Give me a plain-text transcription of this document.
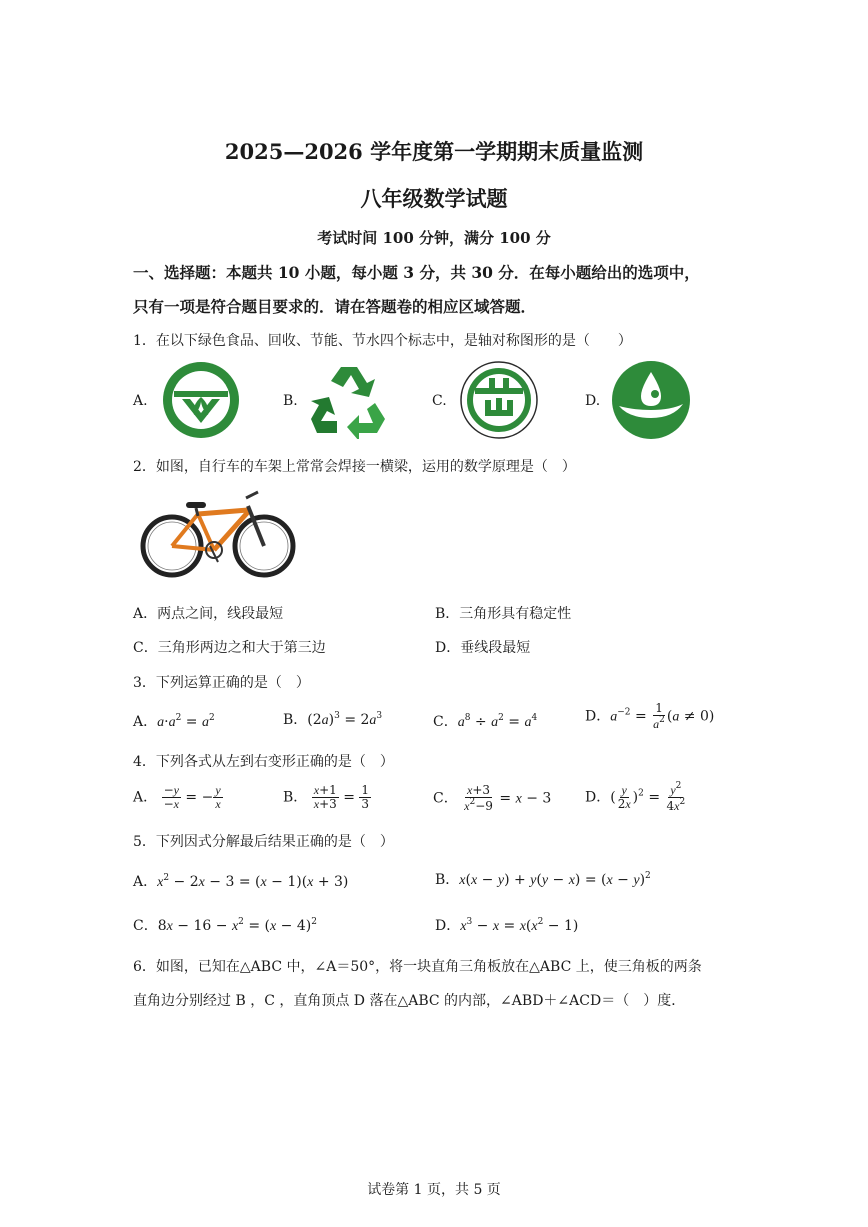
2025—2026 学年度第一学期期末质量监测
八年级数学试题
考试时间 100 分钟，满分 100 分
一、选择题：本题共 10 小题，每小题 3 分，共 30 分．在每小题给出的选项中，
只有一项是符合题目要求的．请在答题卷的相应区域答题．
1．在以下绿色食品、回收、节能、节水四个标志中，是轴对称图形的是（　　）
A.	B.	C.	D.
2．如图，自行车的车架上常常会焊接一横梁，运用的数学原理是（　）
A．两点之间，线段最短	B．三角形具有稳定性
C．三角形两边之和大于第三边	D．垂线段最短
3．下列运算正确的是（　）
A．$a\cdot a^2 = a^2$	B．$(2a)^3 = 2a^3$	C．$a^8 \div a^2 = a^4$	D．$a^{-2} = \frac{1}{a^2} (a \ne 0)$
4．下列各式从左到右变形正确的是（　）
A． $\frac{-y}{-x}$ = − $\frac{y}{x}$	B． $\frac{x+1}{x+3} = \frac{1}{3}$	C． $\frac{x+3}{x^2-9} = x - 3$ D．( $\frac{y}{2x} )^2 = \frac{y^2}{4x^2}$
5．下列因式分解最后结果正确的是（　）
A．$x^2 - 2x - 3 = (x - 1)(x + 3)$	B．$x(x - y) + y(y - x) = (x - y)^2$
C．$8x - 16 - x^2 = (x - 4)^2$	D．$x^3 - x = x(x^2 - 1)$
6．如图，已知在△ABC 中，∠A＝50°，将一块直角三角板放在△ABC 上，使三角板的两条
直角边分别经过 B ，C ，直角顶点 D 落在△ABC 的内部，∠ABD＋∠ACD＝（　）度．
试卷第 1 页，共 5 页
